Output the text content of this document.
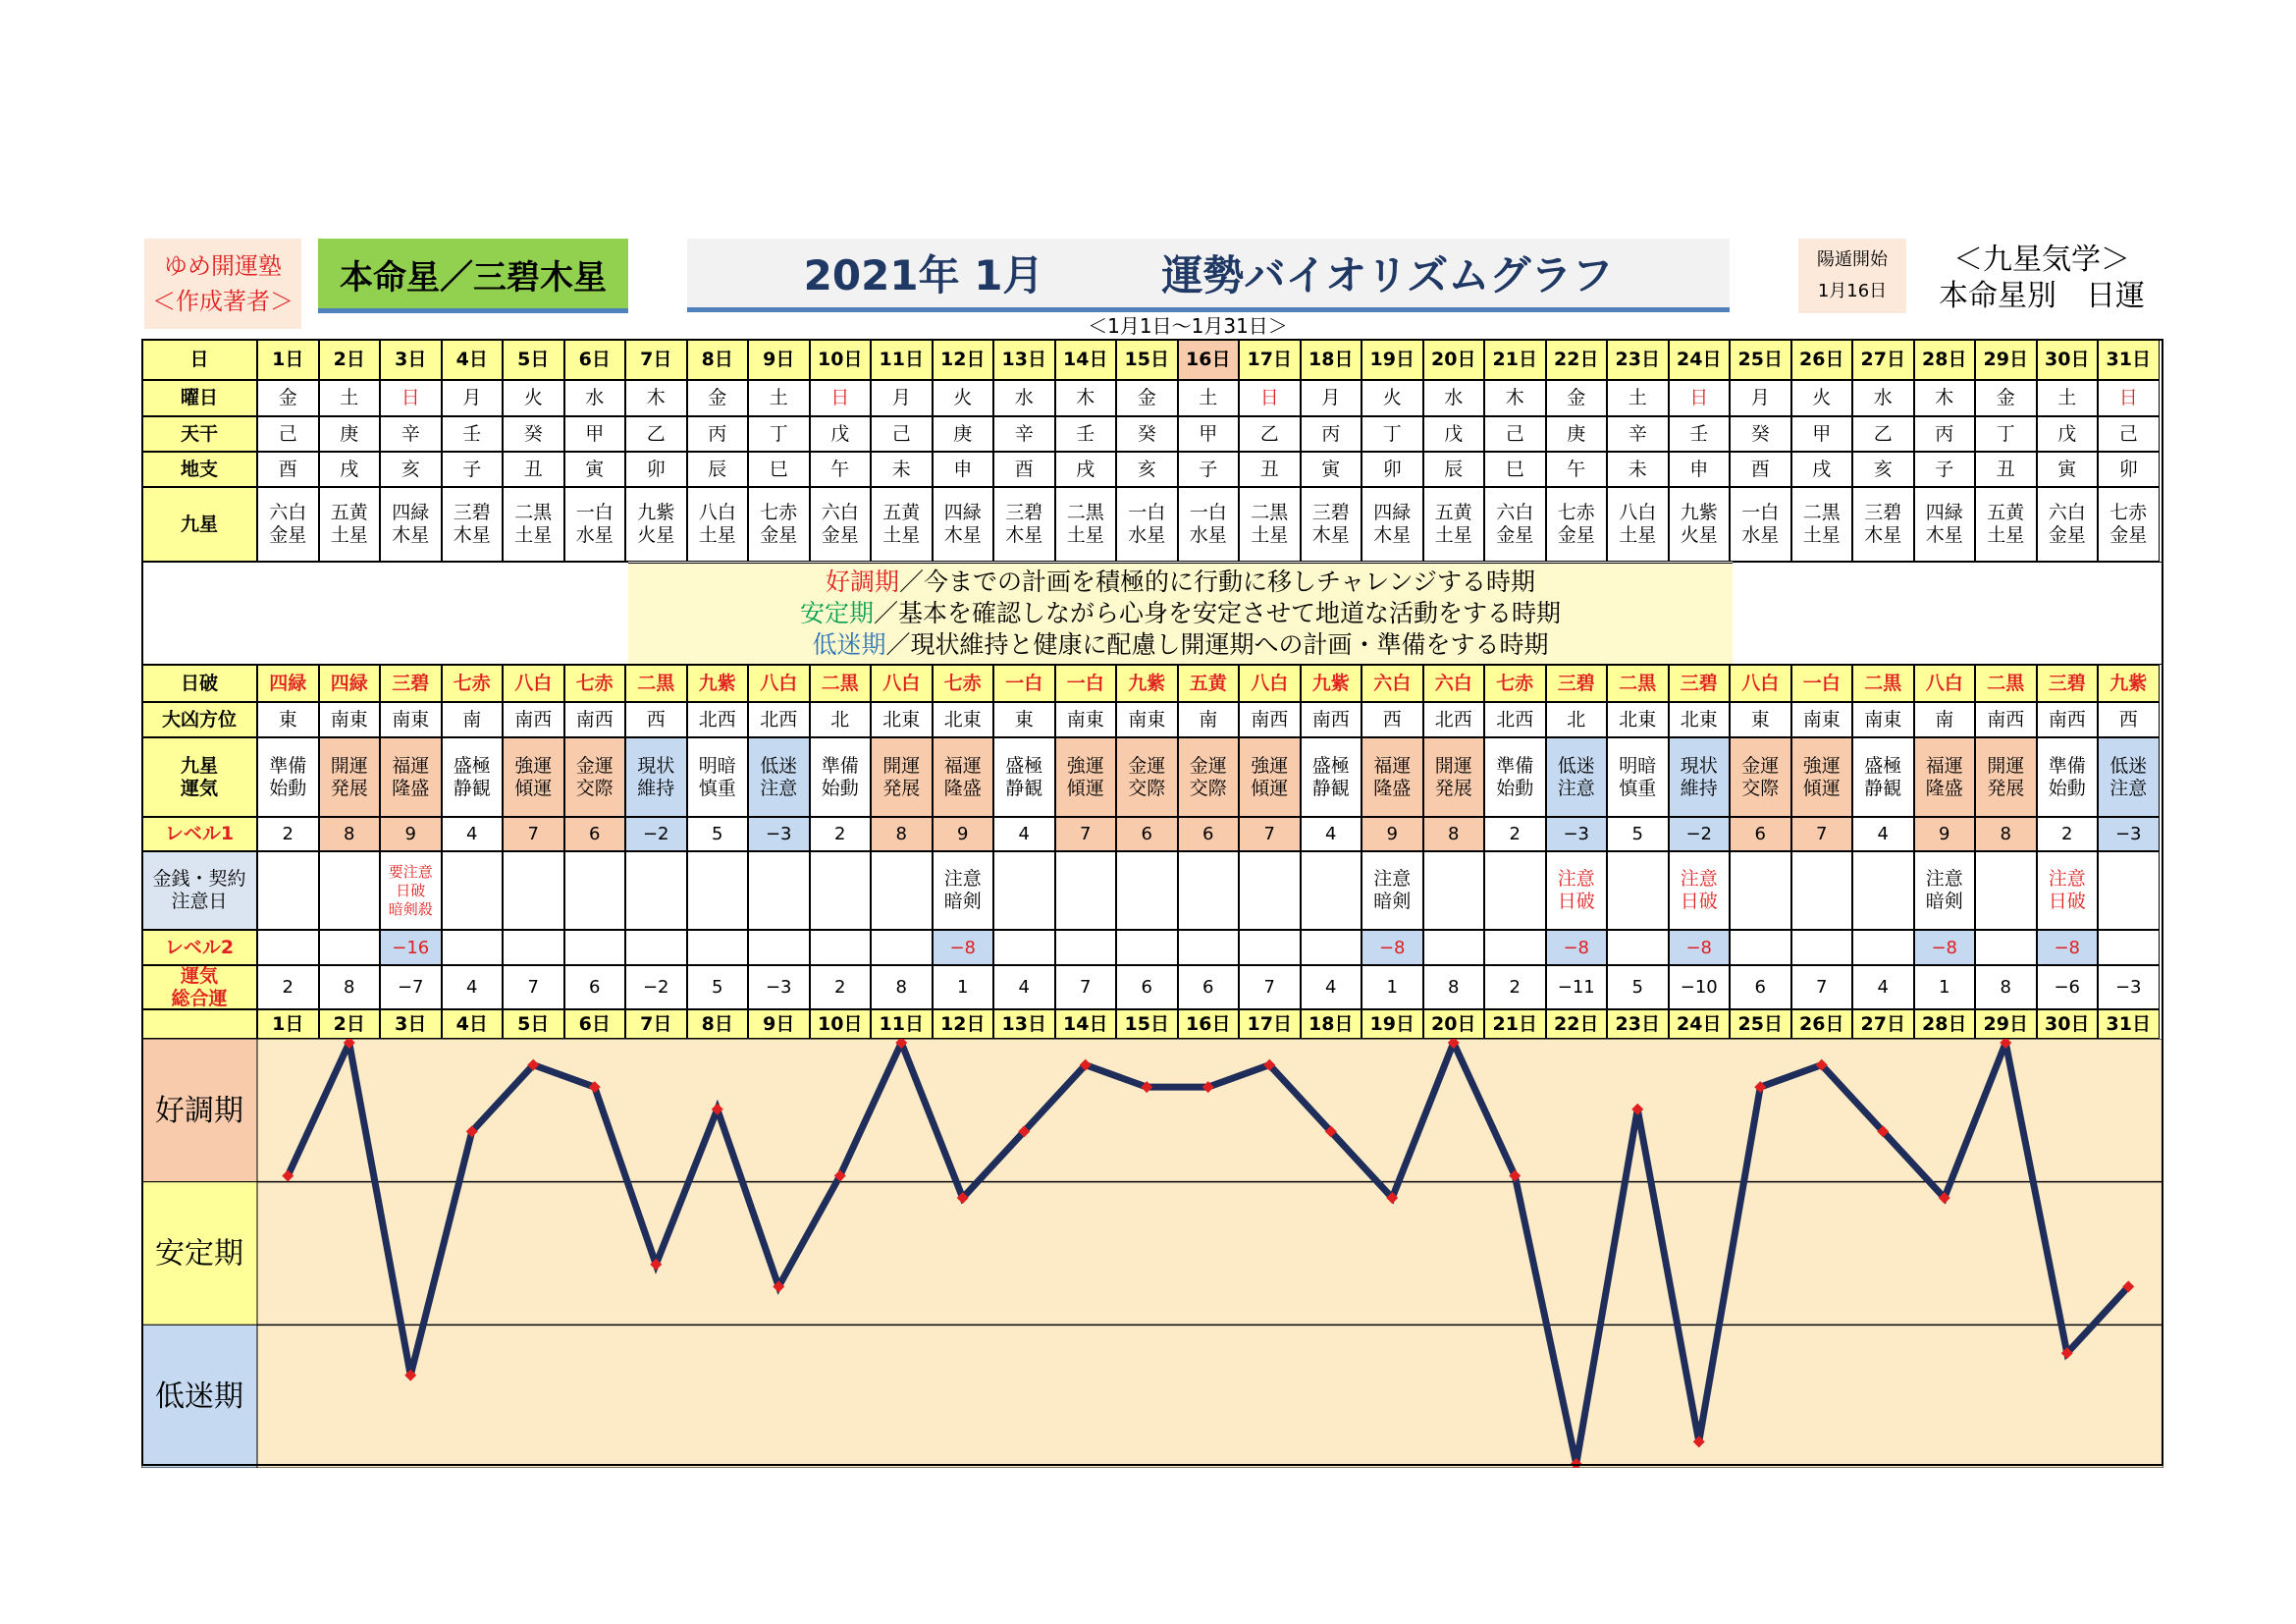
ゆめ開運塾
＜作成著者＞
本命星／三碧木星	2021年 1月	運勢バイオリズムグラフ
＜1月1日～1月31日＞
陽遁開始
1月16日
＜九星気学＞
本命星別　日運
日
曜日
天干
地支
九星
日破
大凶方位
九星
運気
レベル1
金銭・契約
注意日
レベル2
運気
総合運
1日
金
己
酉
六白
金星
四緑
東
準備
始動
2
2
1日
2日
土
庚
戌
五黄
土星
四緑
南東
開運
発展
8
8
2日
3日
日
辛
亥
四緑
木星
三碧
南東
福運
隆盛
9
要注意
日破
暗剣殺
−16
−7
3日
4日
月
壬
子
三碧
木星
七赤
南
盛極
静観
4
4
4日
5日
火
癸
丑
二黒
土星
八白
南西
強運
傾運
7
7
5日
6日
水
甲
寅
一白
水星
七赤
南西
金運
交際
6
6
6日
7日
木
乙
卯
九紫
火星
二黒
西
現状
維持
−2
−2
7日
8日
金
丙
辰
八白
土星
九紫
北西
明暗
慎重
5
5
8日
9日
土
丁
巳
七赤
金星
八白
北西
低迷
注意
−3
−3
9日
10日
日
戊
午
六白
金星
二黒
北
準備
始動
2
2
10日
11日
月
己
未
五黄
土星
八白
北東
開運
発展
8
8
11日
12日
火
庚
申
四緑
木星
七赤
北東
福運
隆盛
9
注意
暗剣
−8
1
12日
13日
水
辛
酉
三碧
木星
一白
東
盛極
静観
4
4
13日
14日
木
壬
戌
二黒
土星
一白
南東
強運
傾運
7
7
14日
15日
金
癸
亥
一白
水星
九紫
南東
金運
交際
6
6
15日
16日
土
甲
子
一白
水星
五黄
南
金運
交際
6
6
16日
17日
日
乙
丑
二黒
土星
八白
南西
強運
傾運
7
7
17日
18日
月
丙
寅
三碧
木星
九紫
南西
盛極
静観
4
4
18日
19日
火
丁
卯
四緑
木星
六白
西
福運
隆盛
9
注意
暗剣
−8
1
19日
20日
水
戊
辰
五黄
土星
六白
北西
開運
発展
8
8
20日
21日
木
己
巳
六白
金星
七赤
北西
準備
始動
2
2
21日
22日
金
庚
午
七赤
金星
三碧
北
低迷
注意
−3
注意
日破
−8
−11
22日
23日
土
辛
未
八白
土星
二黒
北東
明暗
慎重
5
5
23日
24日
日
壬
申
九紫
火星
三碧
北東
現状
維持
−2
注意
日破
−8
−10
24日
25日
月
癸
酉
一白
水星
八白
東
金運
交際
6
6
25日
26日
火
甲
戌
二黒
土星
一白
南東
強運
傾運
7
7
26日
27日
水
乙
亥
三碧
木星
二黒
南東
盛極
静観
4
4
27日
28日
木
丙
子
四緑
木星
八白
南
福運
隆盛
9
注意
暗剣
−8
1
28日
29日
金
丁
丑
五黄
土星
二黒
南西
開運
発展
8
8
29日
30日
土
戊
寅
六白
金星
三碧
南西
準備
始動
2
注意
日破
−8
−6
30日
31日
日
己
卯
七赤
金星
九紫
西
低迷
注意
−3
−3
31日
好調期／今までの計画を積極的に行動に移しチャレンジする時期
安定期／基本を確認しながら心身を安定させて地道な活動をする時期
低迷期／現状維持と健康に配慮し開運期への計画・準備をする時期
好調期
安定期
低迷期
